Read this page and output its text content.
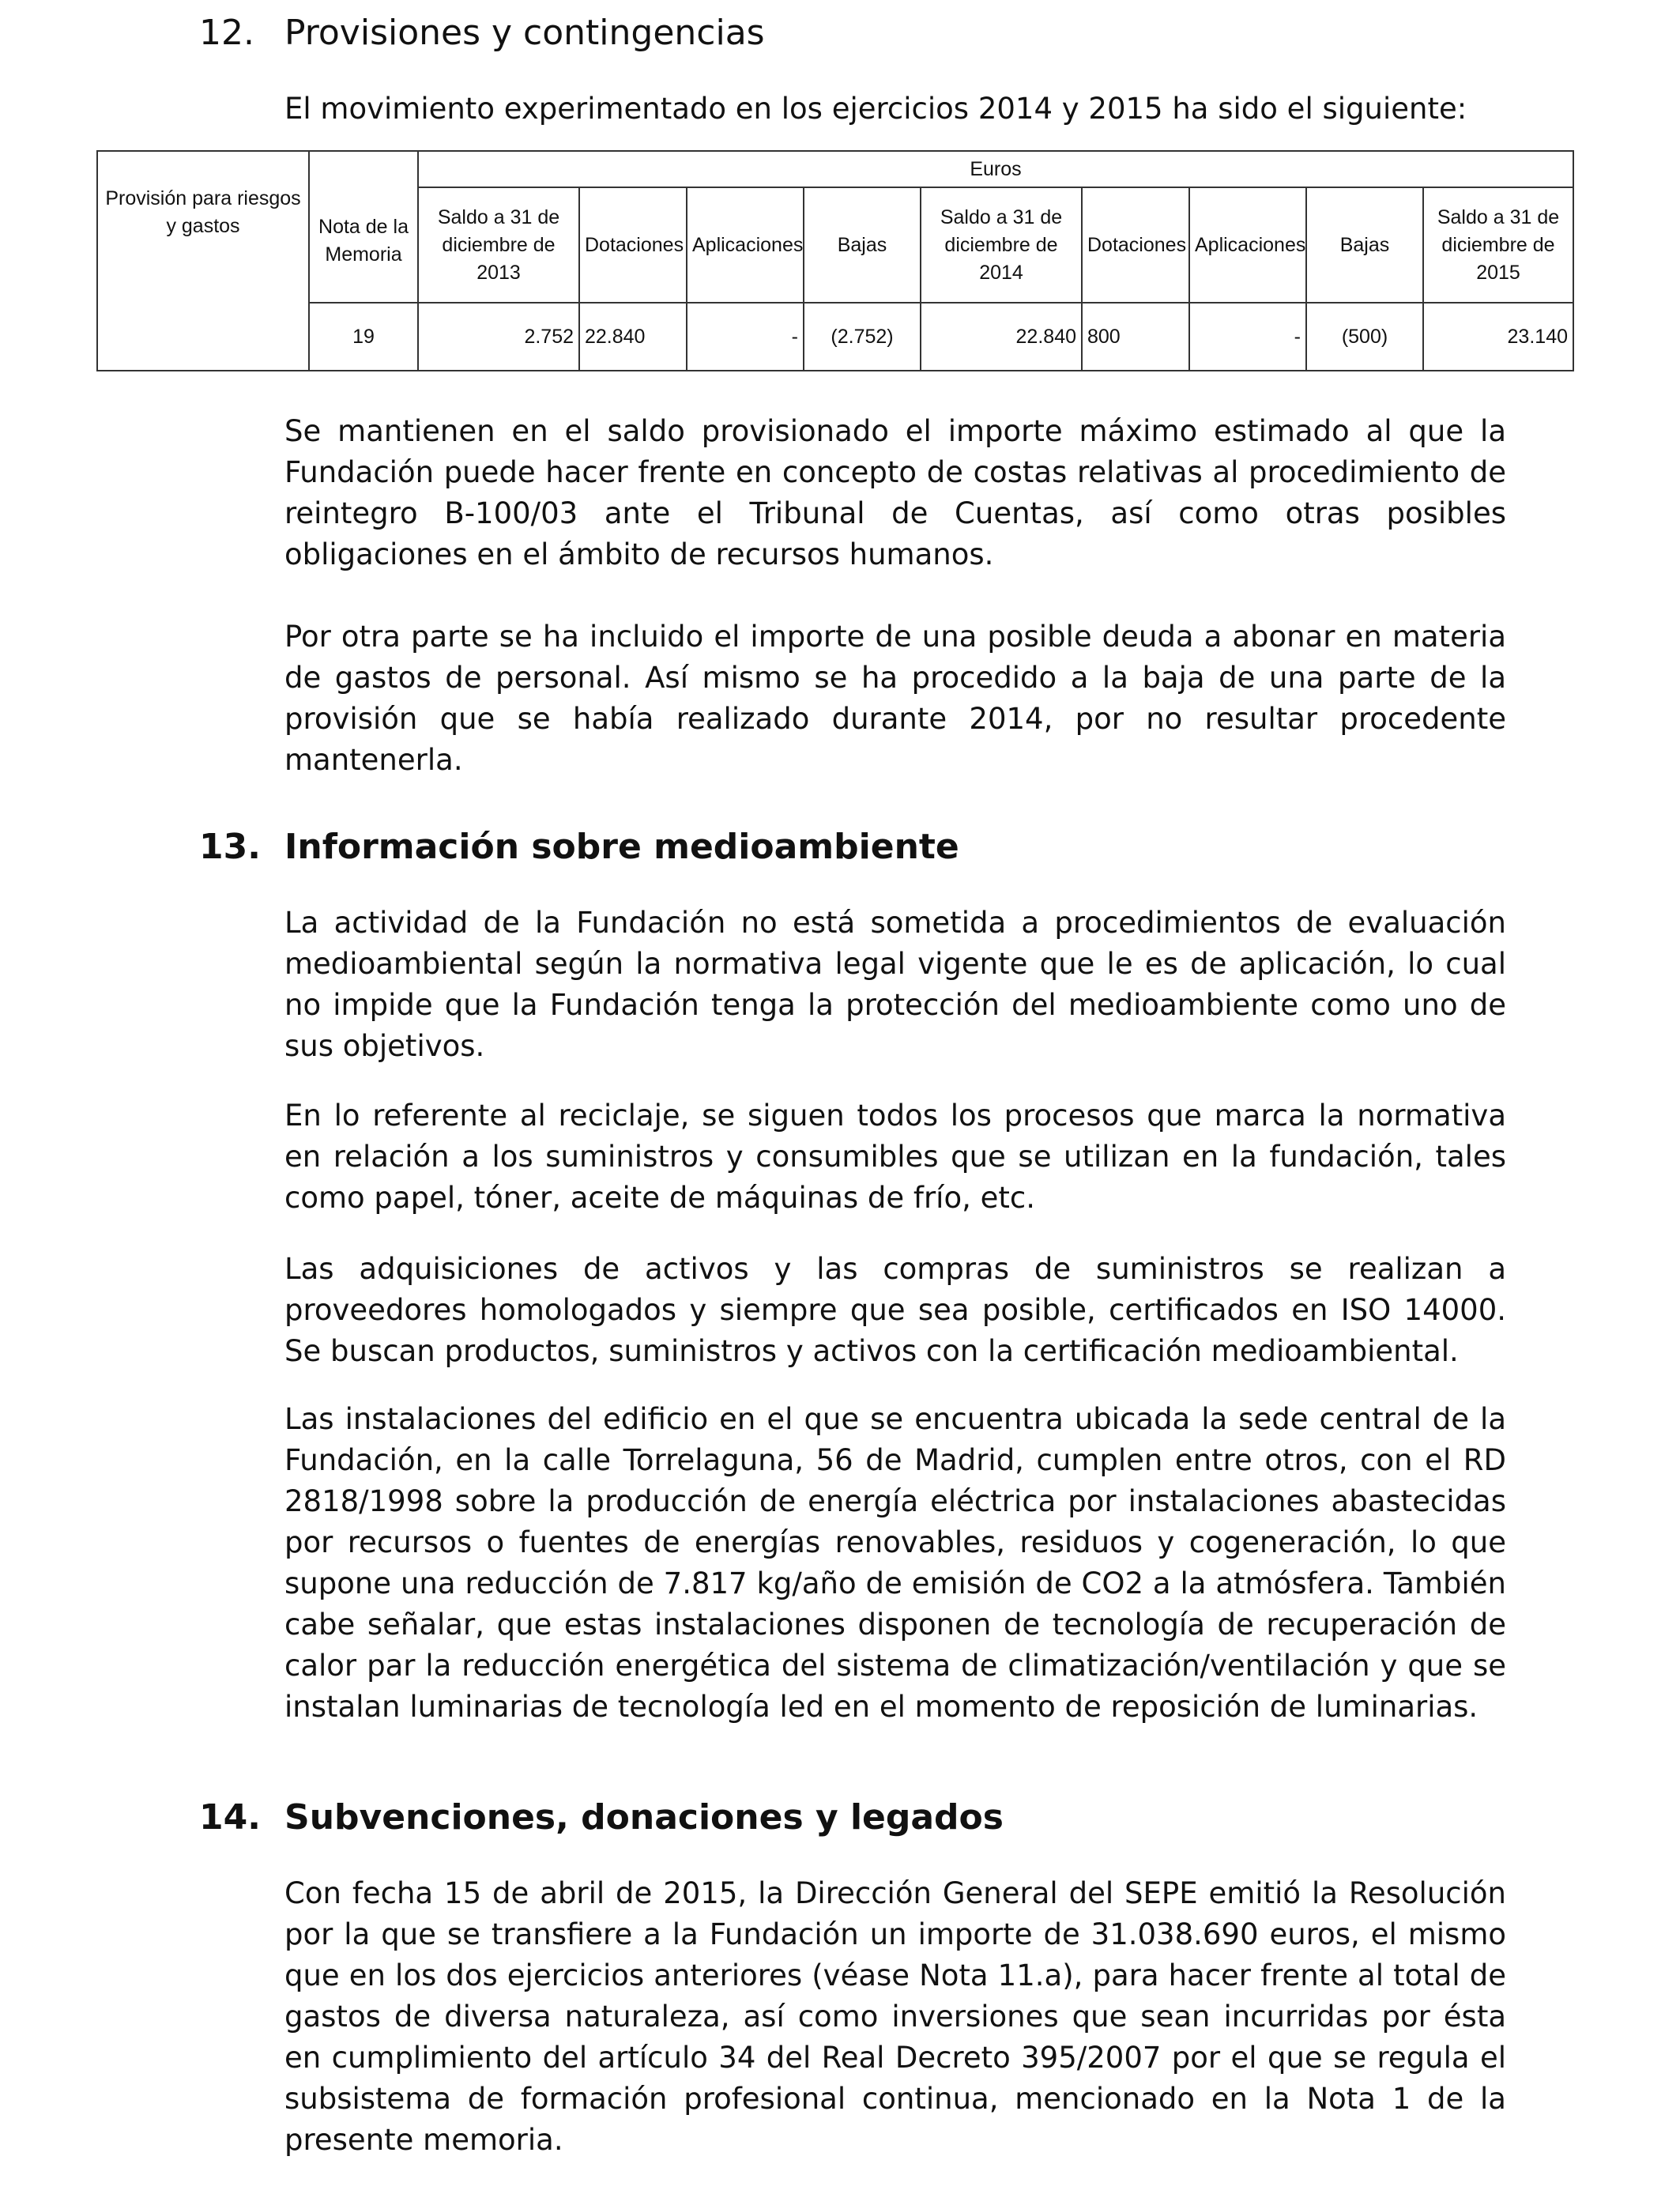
12. Provisiones y contingencias

El movimiento experimentado en los ejercicios 2014 y 2015 ha sido el siguiente:

Provisión para riesgos y gastos	Nota de la Memoria	Euros								
		Saldo a 31 de diciembre de 2013	Dotaciones	Aplicaciones	Bajas	Saldo a 31 de diciembre de 2014	Dotaciones	Aplicaciones	Bajas	Saldo a 31 de diciembre de 2015
	19	2.752	22.840	-	(2.752)	22.840	800	-	(500)	23.140

Se mantienen en el saldo provisionado el importe máximo estimado al que la Fundación puede hacer frente en concepto de costas relativas al procedimiento de reintegro B-100/03 ante el Tribunal de Cuentas, así como otras posibles obligaciones en el ámbito de recursos humanos.

Por otra parte se ha incluido el importe de una posible deuda a abonar en materia de gastos de personal. Así mismo se ha procedido a la baja de una parte de la provisión que se había realizado durante 2014, por no resultar procedente mantenerla.

13. Información sobre medioambiente

La actividad de la Fundación no está sometida a procedimientos de evaluación medioambiental según la normativa legal vigente que le es de aplicación, lo cual no impide que la Fundación tenga la protección del medioambiente como uno de sus objetivos.

En lo referente al reciclaje, se siguen todos los procesos que marca la normativa en relación a los suministros y consumibles que se utilizan en la fundación, tales como papel, tóner, aceite de máquinas de frío, etc.

Las adquisiciones de activos y las compras de suministros se realizan a proveedores homologados y siempre que sea posible, certificados en ISO 14000. Se buscan productos, suministros y activos con la certificación medioambiental.

Las instalaciones del edificio en el que se encuentra ubicada la sede central de la Fundación, en la calle Torrelaguna, 56 de Madrid, cumplen entre otros, con el RD 2818/1998 sobre la producción de energía eléctrica por instalaciones abastecidas por recursos o fuentes de energías renovables, residuos y cogeneración, lo que supone una reducción de 7.817 kg/año de emisión de CO2 a la atmósfera. También cabe señalar, que estas instalaciones disponen de tecnología de recuperación de calor par la reducción energética del sistema de climatización/ventilación y que se instalan luminarias de tecnología led en el momento de reposición de luminarias.

14. Subvenciones, donaciones y legados

Con fecha 15 de abril de 2015, la Dirección General del SEPE emitió la Resolución por la que se transfiere a la Fundación un importe de 31.038.690 euros, el mismo que en los dos ejercicios anteriores (véase Nota 11.a), para hacer frente al total de gastos de diversa naturaleza, así como inversiones que sean incurridas por ésta en cumplimiento del artículo 34 del Real Decreto 395/2007 por el que se regula el subsistema de formación profesional continua, mencionado en la Nota 1 de la presente memoria.
